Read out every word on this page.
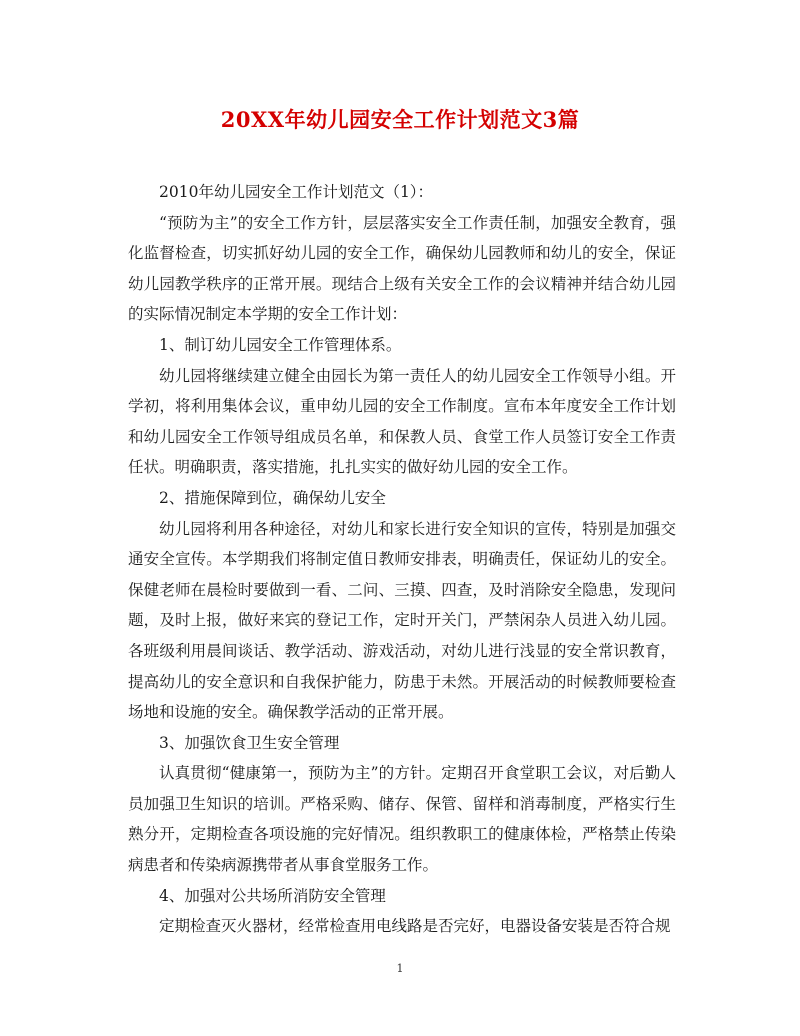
20XX年幼儿园安全工作计划范文3篇

2010年幼儿园安全工作计划范文（1）：

“预防为主”的安全工作方针，层层落实安全工作责任制，加强安全教育，强化监督检查，切实抓好幼儿园的安全工作，确保幼儿园教师和幼儿的安全，保证幼儿园教学秩序的正常开展。现结合上级有关安全工作的会议精神并结合幼儿园的实际情况制定本学期的安全工作计划：

1、制订幼儿园安全工作管理体系。

幼儿园将继续建立健全由园长为第一责任人的幼儿园安全工作领导小组。开学初，将利用集体会议，重申幼儿园的安全工作制度。宣布本年度安全工作计划和幼儿园安全工作领导组成员名单，和保教人员、食堂工作人员签订安全工作责任状。明确职责，落实措施，扎扎实实的做好幼儿园的安全工作。

2、措施保障到位，确保幼儿安全

幼儿园将利用各种途径，对幼儿和家长进行安全知识的宣传，特别是加强交通安全宣传。本学期我们将制定值日教师安排表，明确责任，保证幼儿的安全。保健老师在晨检时要做到一看、二问、三摸、四查，及时消除安全隐患，发现问题，及时上报，做好来宾的登记工作，定时开关门，严禁闲杂人员进入幼儿园。各班级利用晨间谈话、教学活动、游戏活动，对幼儿进行浅显的安全常识教育，提高幼儿的安全意识和自我保护能力，防患于未然。开展活动的时候教师要检查场地和设施的安全。确保教学活动的正常开展。

3、加强饮食卫生安全管理

认真贯彻“健康第一，预防为主”的方针。定期召开食堂职工会议，对后勤人员加强卫生知识的培训。严格采购、储存、保管、留样和消毒制度，严格实行生熟分开，定期检查各项设施的完好情况。组织教职工的健康体检，严格禁止传染病患者和传染病源携带者从事食堂服务工作。

4、加强对公共场所消防安全管理

定期检查灭火器材，经常检查用电线路是否完好，电器设备安装是否符合规

1
